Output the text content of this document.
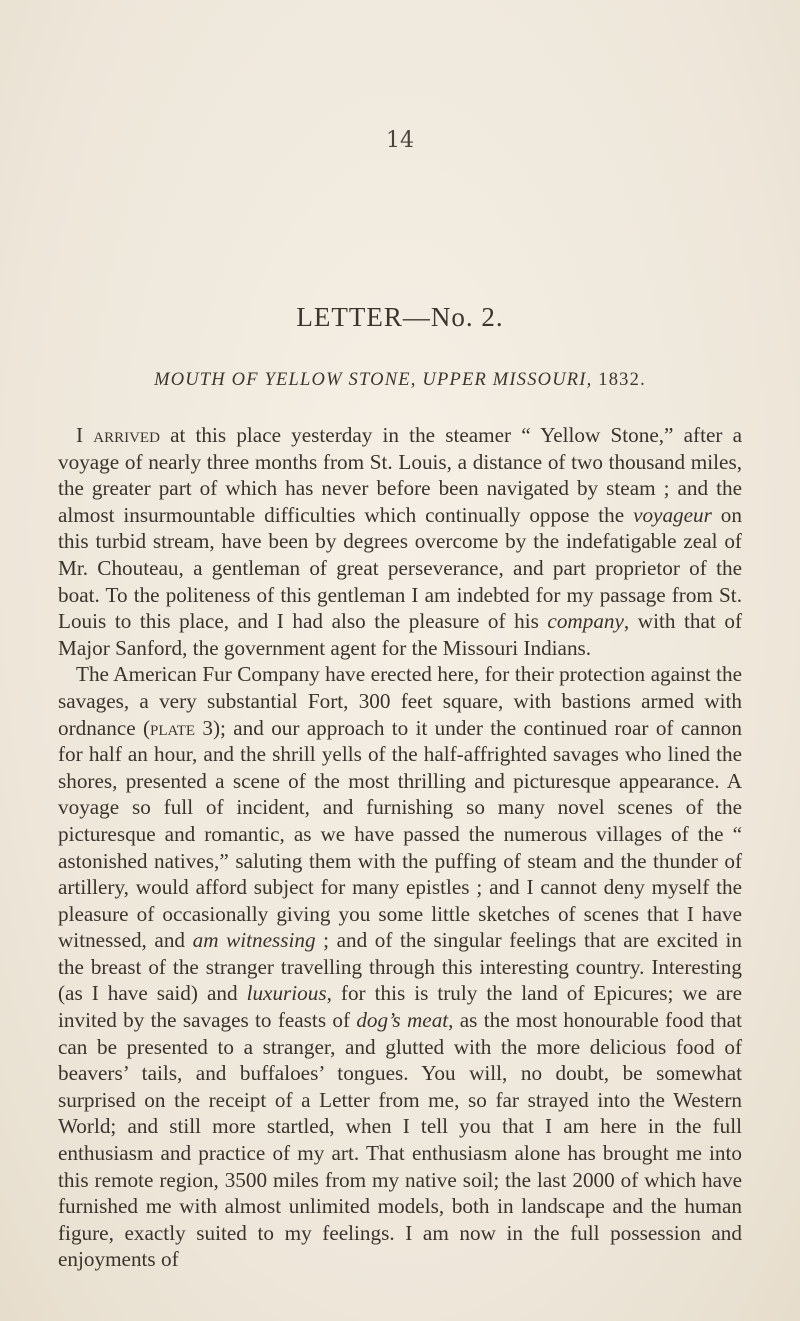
14
LETTER—No. 2.
MOUTH OF YELLOW STONE, UPPER MISSOURI, 1832.

I arrived at this place yesterday in the steamer “ Yellow Stone,” after a voyage of nearly three months from St. Louis, a distance of two thousand miles, the greater part of which has never before been navigated by steam ; and the almost insurmountable difficulties which continually oppose the voyageur on this turbid stream, have been by degrees overcome by the indefatigable zeal of Mr. Chouteau, a gentleman of great perseverance, and part proprietor of the boat. To the politeness of this gentleman I am indebted for my passage from St. Louis to this place, and I had also the pleasure of his company, with that of Major Sanford, the government agent for the Missouri Indians.

The American Fur Company have erected here, for their protection against the savages, a very substantial Fort, 300 feet square, with bastions armed with ordnance (plate 3); and our approach to it under the continued roar of cannon for half an hour, and the shrill yells of the half-affrighted savages who lined the shores, presented a scene of the most thrilling and picturesque appearance. A voyage so full of incident, and furnishing so many novel scenes of the picturesque and romantic, as we have passed the numerous villages of the “ astonished natives,” saluting them with the puffing of steam and the thunder of artillery, would afford subject for many epistles ; and I cannot deny myself the pleasure of occasionally giving you some little sketches of scenes that I have witnessed, and am witnessing ; and of the singular feelings that are excited in the breast of the stranger travelling through this interesting country. Interesting (as I have said) and luxurious, for this is truly the land of Epicures; we are invited by the savages to feasts of dog’s meat, as the most honourable food that can be presented to a stranger, and glutted with the more delicious food of beavers’ tails, and buffaloes’ tongues. You will, no doubt, be somewhat surprised on the receipt of a Letter from me, so far strayed into the Western World; and still more startled, when I tell you that I am here in the full enthusiasm and practice of my art. That enthusiasm alone has brought me into this remote region, 3500 miles from my native soil; the last 2000 of which have furnished me with almost unlimited models, both in landscape and the human figure, exactly suited to my feelings. I am now in the full possession and enjoyments of
